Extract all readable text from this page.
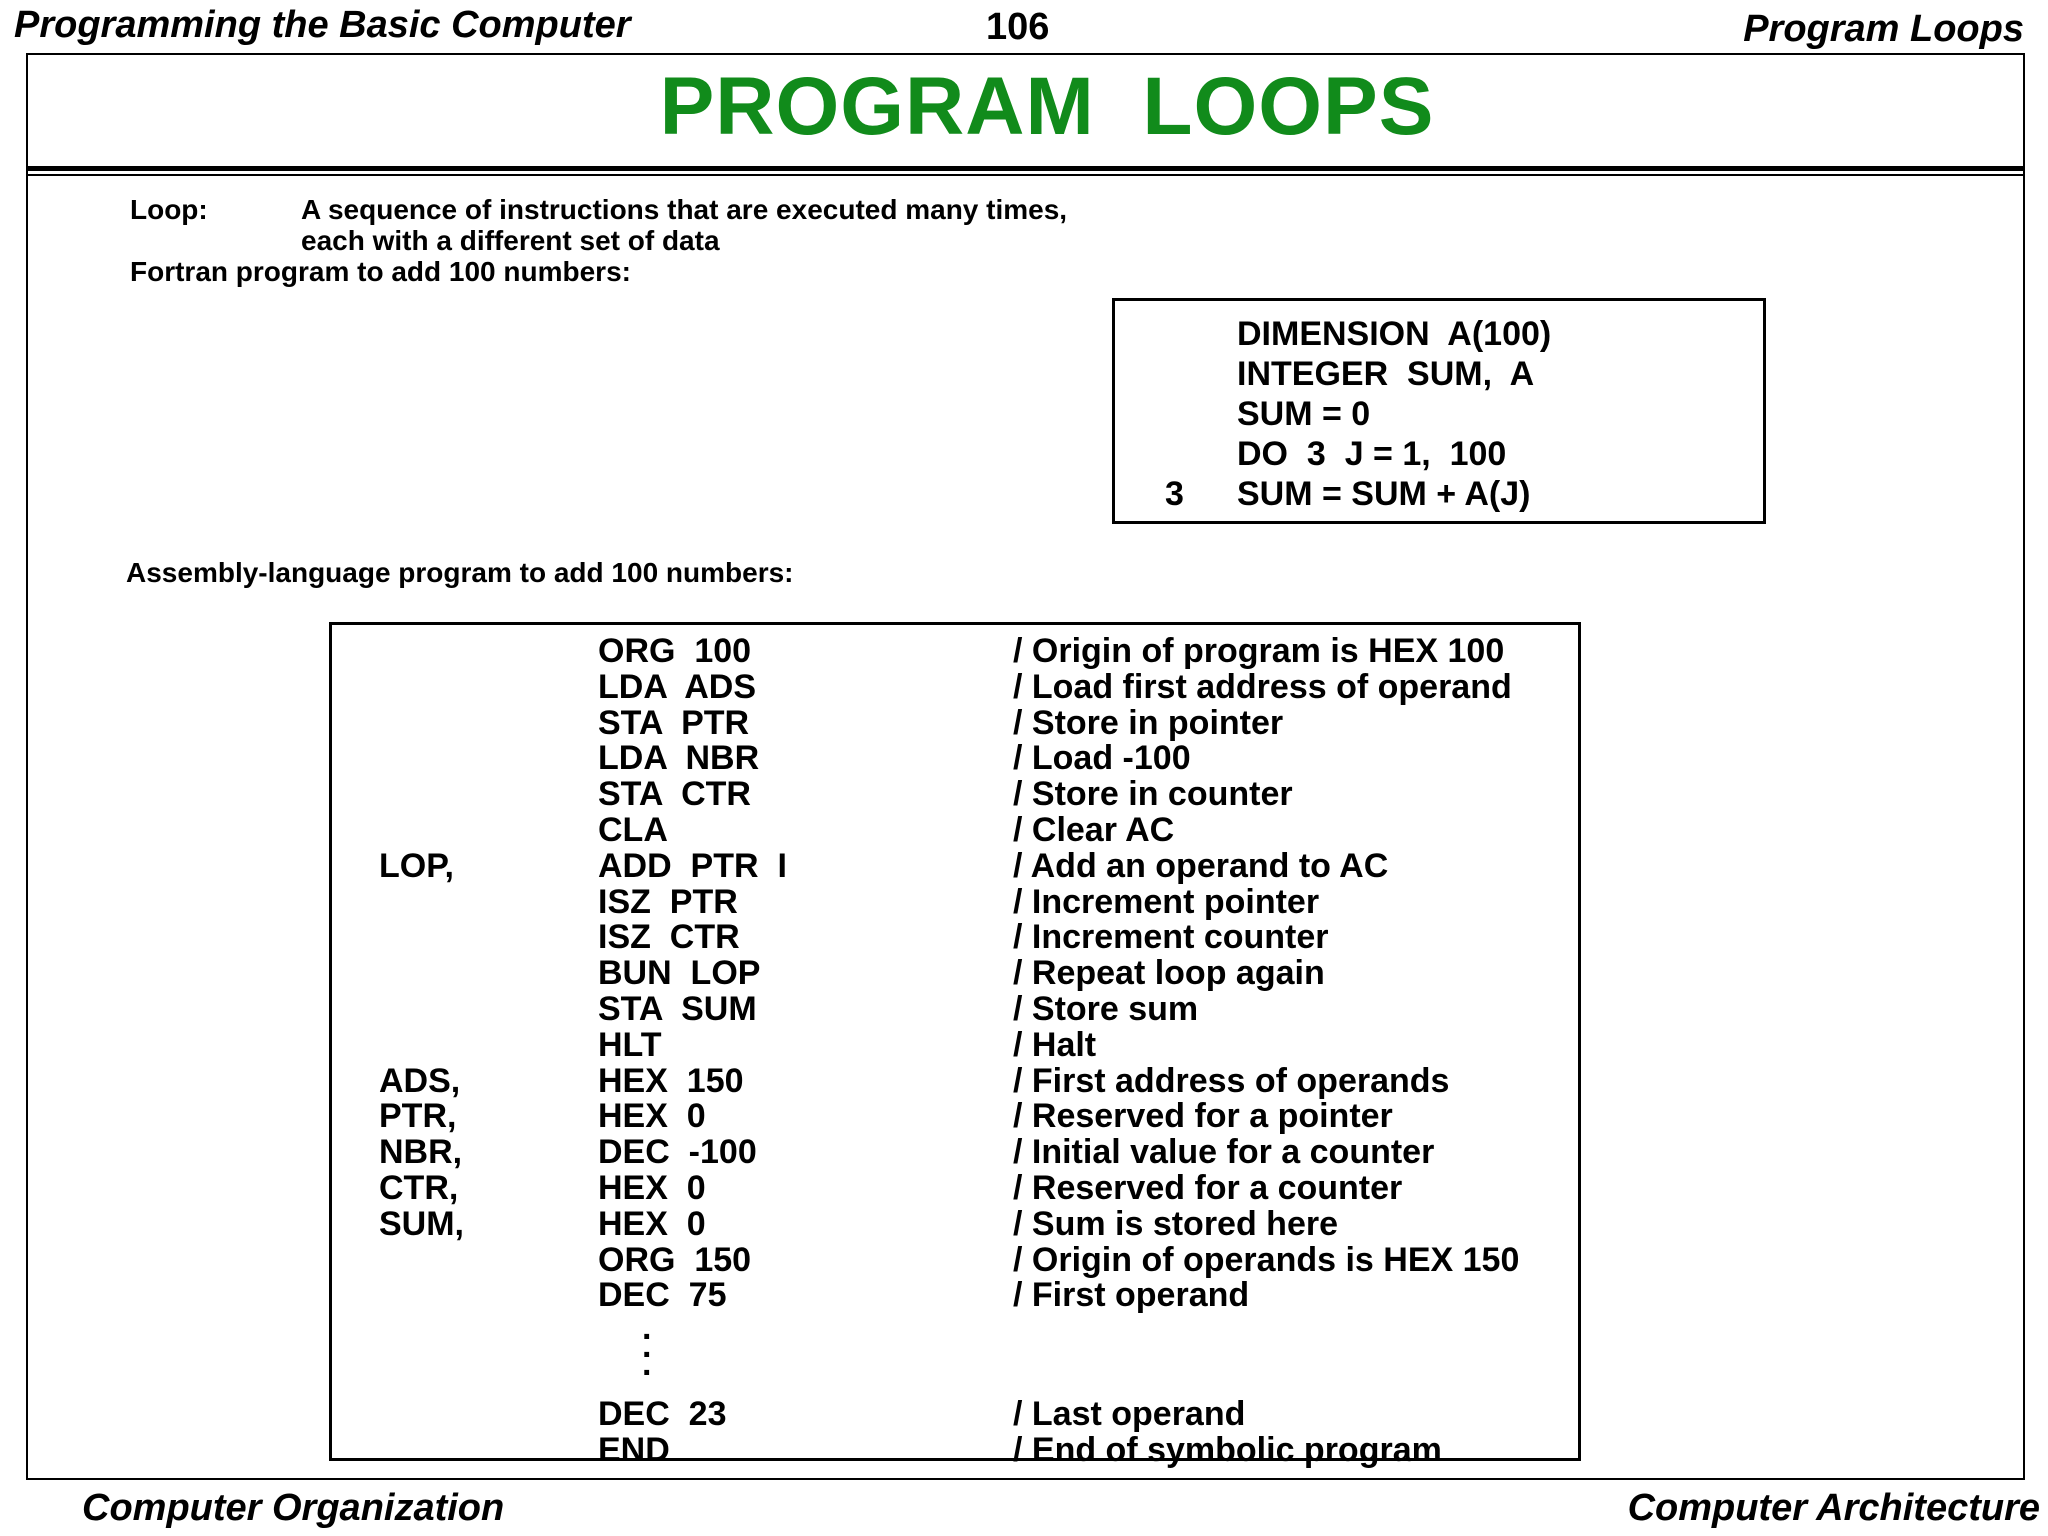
Programming the Basic Computer	106	Program Loops
PROGRAM  LOOPS
Loop:	A sequence of instructions that are executed many times,
each with a different set of data
Fortran program to add 100 numbers:
DIMENSION  A(100)
INTEGER  SUM,  A
SUM = 0
DO  3  J = 1,  100
3 SUM = SUM + A(J)
Assembly-language program to add 100 numbers:
ORG  100	/ Origin of program is HEX 100
LDA  ADS	/ Load first address of operand
STA  PTR	/ Store in pointer
LDA  NBR	/ Load -100
STA  CTR	/ Store in counter
CLA	/ Clear AC
LOP,	ADD  PTR  I	/ Add an operand to AC
ISZ  PTR	/ Increment pointer
ISZ  CTR	/ Increment counter
BUN  LOP	/ Repeat loop again
STA  SUM	/ Store sum
HLT	/ Halt
ADS,	HEX  150	/ First address of operands
PTR,	HEX  0	/ Reserved for a pointer
NBR,	DEC  -100	/ Initial value for a counter
CTR,	HEX  0	/ Reserved for a counter
SUM,	HEX  0	/ Sum is stored here
ORG  150	/ Origin of operands is HEX 150
DEC  75	/ First operand
.
.
.
DEC  23	/ Last operand
END	/ End of symbolic program
Computer Organization	Computer Architecture
